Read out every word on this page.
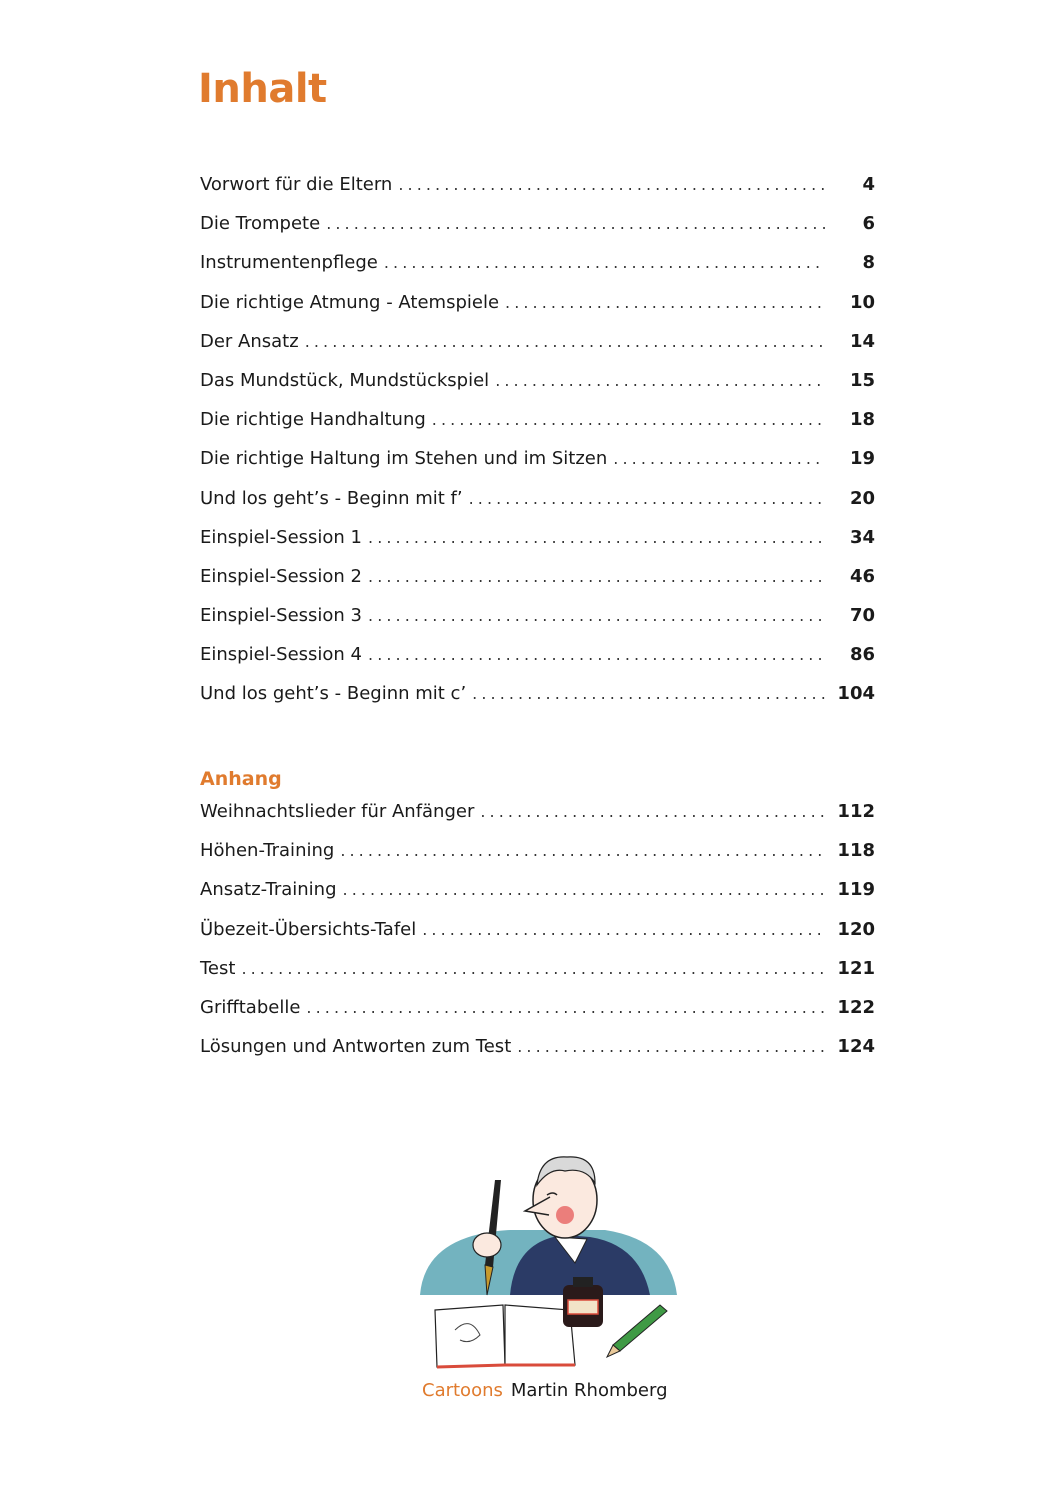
Inhalt
Vorwort für die Eltern . . .	4
Die Trompete . . .	6
Instrumentenpflege . . .	8
Die richtige Atmung - Atemspiele . . .	10
Der Ansatz . . .	14
Das Mundstück, Mundstückspiel . . .	15
Die richtige Handhaltung . . .	18
Die richtige Haltung im Stehen und im Sitzen . . .	19
Und los geht’s - Beginn mit f’ . . .	20
Einspiel-Session 1 . . .	34
Einspiel-Session 2 . . .	46
Einspiel-Session 3 . . .	70
Einspiel-Session 4 . . .	86
Und los geht’s - Beginn mit c’ . . .	104
Anhang
Weihnachtslieder für Anfänger . . .	112
Höhen-Training . . .	118
Ansatz-Training . . .	119
Übezeit-Übersichts-Tafel . . .	120
Test . . .	121
Grifftabelle . . .	122
Lösungen und Antworten zum Test . . .	124
Cartoons Martin Rhomberg
